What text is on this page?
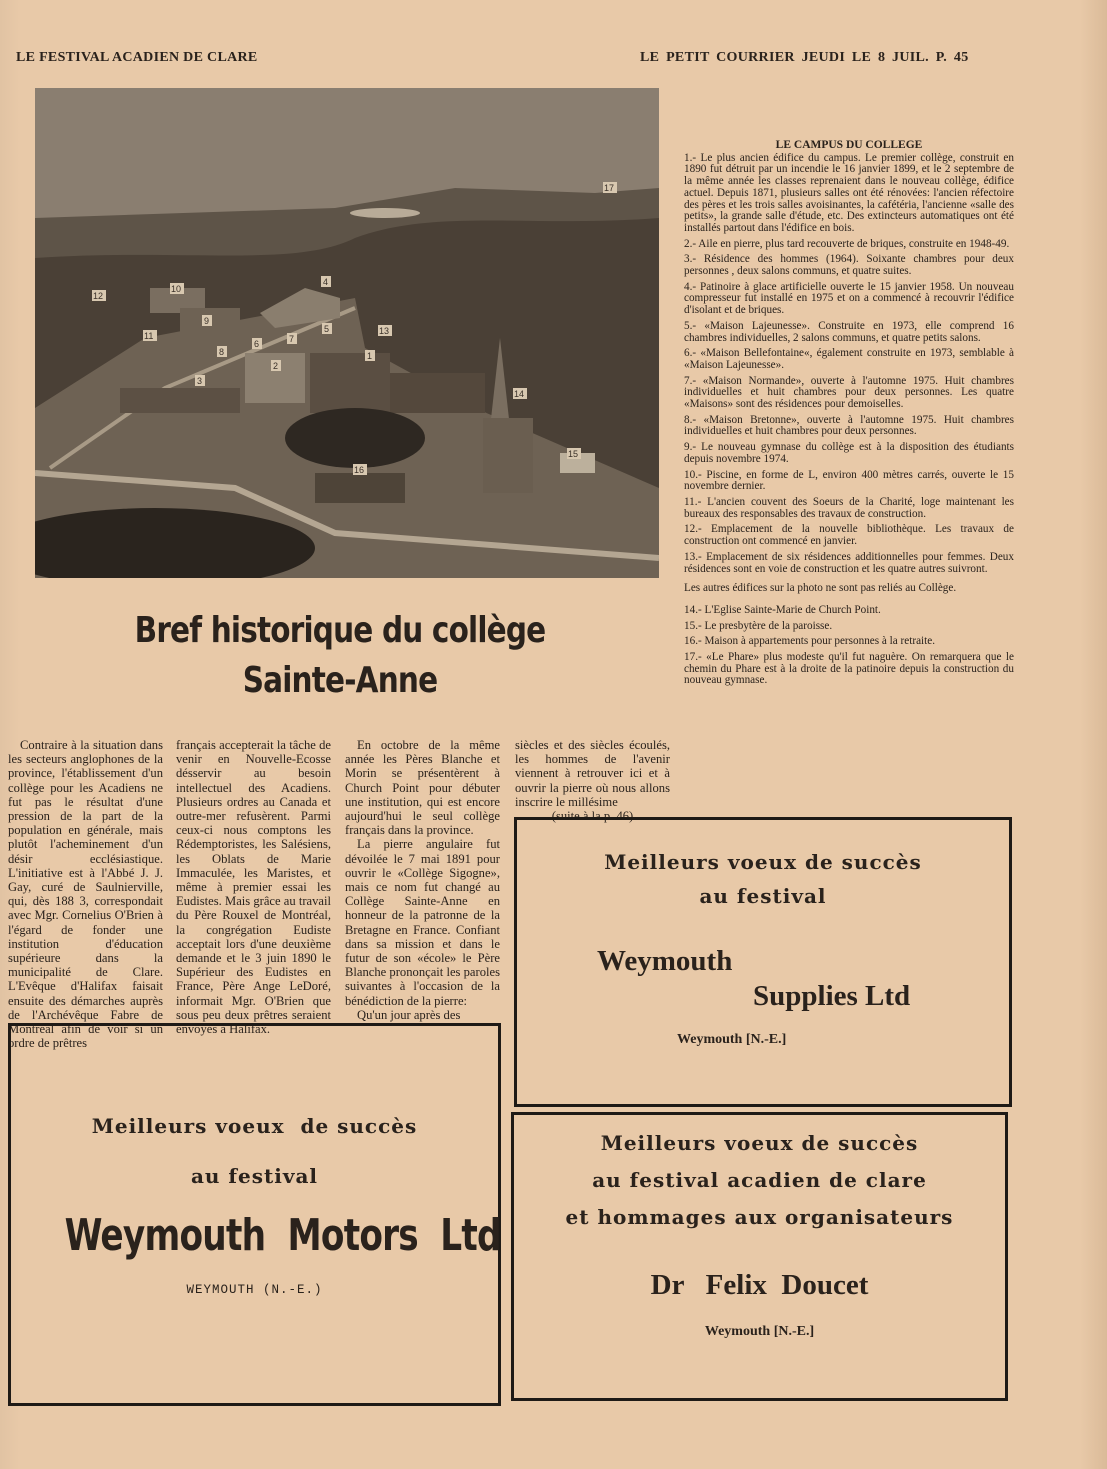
LE FESTIVAL ACADIEN DE CLARE	LE PETIT COURRIER JEUDI LE 8 JUIL. P. 45
1
2
3
4
5
6	7
8
9
10
11
12
13
14
15
16
17
LE CAMPUS DU COLLEGE
1.- Le plus ancien édifice du campus. Le premier collège, construit en 1890 fut détruit par un incendie le 16 janvier 1899, et le 2 septembre de la même année les classes reprenaient dans le nouveau collège, édifice actuel. Depuis 1871, plusieurs salles ont été rénovées: l'ancien réfectoire des pères et les trois salles avoisinantes, la cafétéria, l'ancienne «salle des petits», la grande salle d'étude, etc. Des extincteurs automatiques ont été installés partout dans l'édifice en bois.
2.- Aile en pierre, plus tard recouverte de briques, construite en 1948-49.
3.- Résidence des hommes (1964). Soixante chambres pour deux personnes , deux salons communs, et quatre suites.
4.- Patinoire à glace artificielle ouverte le 15 janvier 1958. Un nouveau compresseur fut installé en 1975 et on a commencé à recouvrir l'édifice d'isolant et de briques.
5.- «Maison Lajeunesse». Construite en 1973, elle comprend 16 chambres individuelles, 2 salons communs, et quatre petits salons.
6.- «Maison Bellefontaine«, également construite en 1973, semblable à «Maison Lajeunesse».
7.- «Maison Normande», ouverte à l'automne 1975. Huit chambres individuelles et huit chambres pour deux personnes. Les quatre «Maisons» sont des résidences pour demoiselles.
8.- «Maison Bretonne», ouverte à l'automne 1975. Huit chambres individuelles et huit chambres pour deux personnes.
9.- Le nouveau gymnase du collège est à la disposition des étudiants depuis novembre 1974.
10.- Piscine, en forme de L, environ 400 mètres carrés, ouverte le 15 novembre dernier.
11.- L'ancien couvent des Soeurs de la Charité, loge maintenant les bureaux des responsables des travaux de construction.
12.- Emplacement de la nouvelle bibliothèque. Les travaux de construction ont commencé en janvier.
13.- Emplacement de six résidences additionnelles pour femmes. Deux résidences sont en voie de construction et les quatre autres suivront.
Les autres édifices sur la photo ne sont pas reliés au Collège.
14.- L'Eglise Sainte-Marie de Church Point.
15.- Le presbytère de la paroisse.
16.- Maison à appartements pour personnes à la retraite.
17.- «Le Phare» plus modeste qu'il fut naguère. On remarquera que le chemin du Phare est à la droite de la patinoire depuis la construction du nouveau gymnase.
Bref historique du collège
Sainte-Anne

Contraire à la situation dans les secteurs anglophones de la province, l'établissement d'un collège pour les Acadiens ne fut pas le résultat d'une pression de la part de la population en générale, mais plutôt l'acheminement d'un désir ecclésiastique. L'initiative est à l'Abbé J. J. Gay, curé de Saulnierville, qui, dès 188 3, correspondait avec Mgr. Cornelius O'Brien à l'égard de fonder une institution d'éducation supérieure dans la municipalité de Clare. L'Evêque d'Halifax faisait ensuite des démarches auprès de l'Archévêque Fabre de Montréal afin de voir si un ordre de prêtres

français accepterait la tâche de venir en Nouvelle-Ecosse désservir au besoin intellectuel des Acadiens. Plusieurs ordres au Canada et outre-mer refusèrent. Parmi ceux-ci nous comptons les Rédemptoristes, les Salésiens, les Oblats de Marie Immaculée, les Maristes, et même à premier essai les Eudistes. Mais grâce au travail du Père Rouxel de Montréal, la congrégation Eudiste acceptait lors d'une deuxième demande et le 3 juin 1890 le Supérieur des Eudistes en France, Père Ange LeDoré, informait Mgr. O'Brien que sous peu deux prêtres seraient envoyés à Halifax.

En octobre de la même année les Pères Blanche et Morin se présentèrent à Church Point pour débuter une institution, qui est encore aujourd'hui le seul collège français dans la province.

La pierre angulaire fut dévoilée le 7 mai 1891 pour ouvrir le «Collège Sigogne», mais ce nom fut changé au Collège Sainte-Anne en honneur de la patronne de la Bretagne en France. Confiant dans sa mission et dans le futur de son «école» le Père Blanche prononçait les paroles suivantes à l'occasion de la bénédiction de la pierre:

Qu'un jour après des

siècles et des siècles écoulés, les hommes de l'avenir viennent à retrouver ici et à ouvrir la pierre où nous allons inscrire le millésime

(suite à la p. 46)
Meilleurs voeux de succès
au festival
Weymouth
Supplies Ltd
Weymouth [N.-E.]
Meilleurs voeux de succès
au festival acadien de clare
et hommages aux organisateurs
Dr   Felix  Doucet
Weymouth [N.-E.]
Meilleurs voeux  de succès
au festival
Weymouth  Motors  Ltd
WEYMOUTH (N.-E.)
